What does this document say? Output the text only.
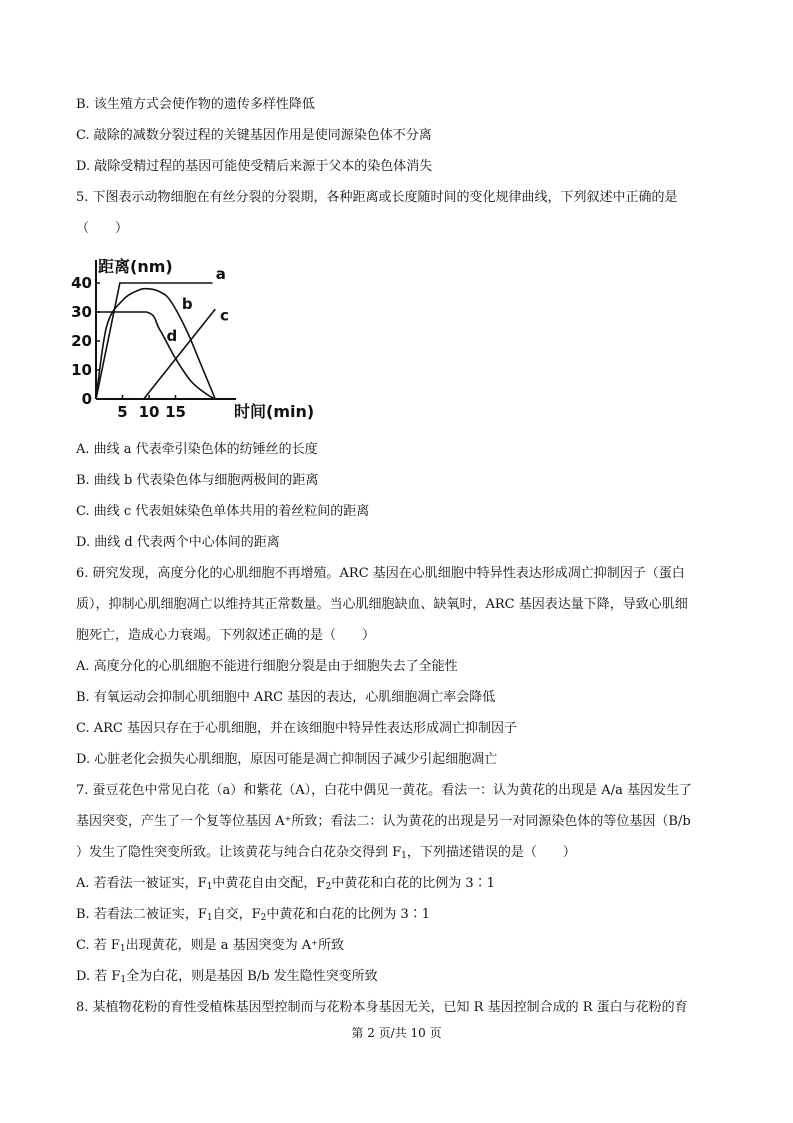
B. 该生殖方式会使作物的遗传多样性降低
C. 敲除的减数分裂过程的关键基因作用是使同源染色体不分离
D. 敲除受精过程的基因可能使受精后来源于父本的染色体消失
5. 下图表示动物细胞在有丝分裂的分裂期，各种距离或长度随时间的变化规律曲线，下列叙述中正确的是
（　　）
0
10
20
30
40
5 10 15
距离(nm)
时间(min)
a
b
c
d
A. 曲线 a 代表牵引染色体的纺锤丝的长度
B. 曲线 b 代表染色体与细胞两极间的距离
C. 曲线 c 代表姐妹染色单体共用的着丝粒间的距离
D. 曲线 d 代表两个中心体间的距离
6. 研究发现，高度分化的心肌细胞不再增殖。ARC 基因在心肌细胞中特异性表达形成凋亡抑制因子（蛋白
质），抑制心肌细胞凋亡以维持其正常数量。当心肌细胞缺血、缺氧时，ARC 基因表达量下降，导致心肌细
胞死亡，造成心力衰竭。下列叙述正确的是（　　）
A. 高度分化的心肌细胞不能进行细胞分裂是由于细胞失去了全能性
B. 有氧运动会抑制心肌细胞中 ARC 基因的表达，心肌细胞凋亡率会降低
C. ARC 基因只存在于心肌细胞，并在该细胞中特异性表达形成凋亡抑制因子
D. 心脏老化会损失心肌细胞，原因可能是凋亡抑制因子减少引起细胞凋亡
7. 蚕豆花色中常见白花（a）和紫花（A），白花中偶见一黄花。看法一：认为黄花的出现是 A/a 基因发生了
基因突变，产生了一个复等位基因 A⁺所致；看法二：认为黄花的出现是另一对同源染色体的等位基因（B/b
）发生了隐性突变所致。让该黄花与纯合白花杂交得到 $F_1$，下列描述错误的是（　　）
A. 若看法一被证实，$F_1$中黄花自由交配，$F_2$中黄花和白花的比例为 3∶1
B. 若看法二被证实，$F_1$自交，$F_2$中黄花和白花的比例为 3∶1
C. 若 $F_1$出现黄花，则是 a 基因突变为 A⁺所致
D. 若 $F_1$全为白花，则是基因 B/b 发生隐性突变所致
8. 某植物花粉的育性受植株基因型控制而与花粉本身基因无关，已知 R 基因控制合成的 R 蛋白与花粉的育
第 2 页/共 10 页
